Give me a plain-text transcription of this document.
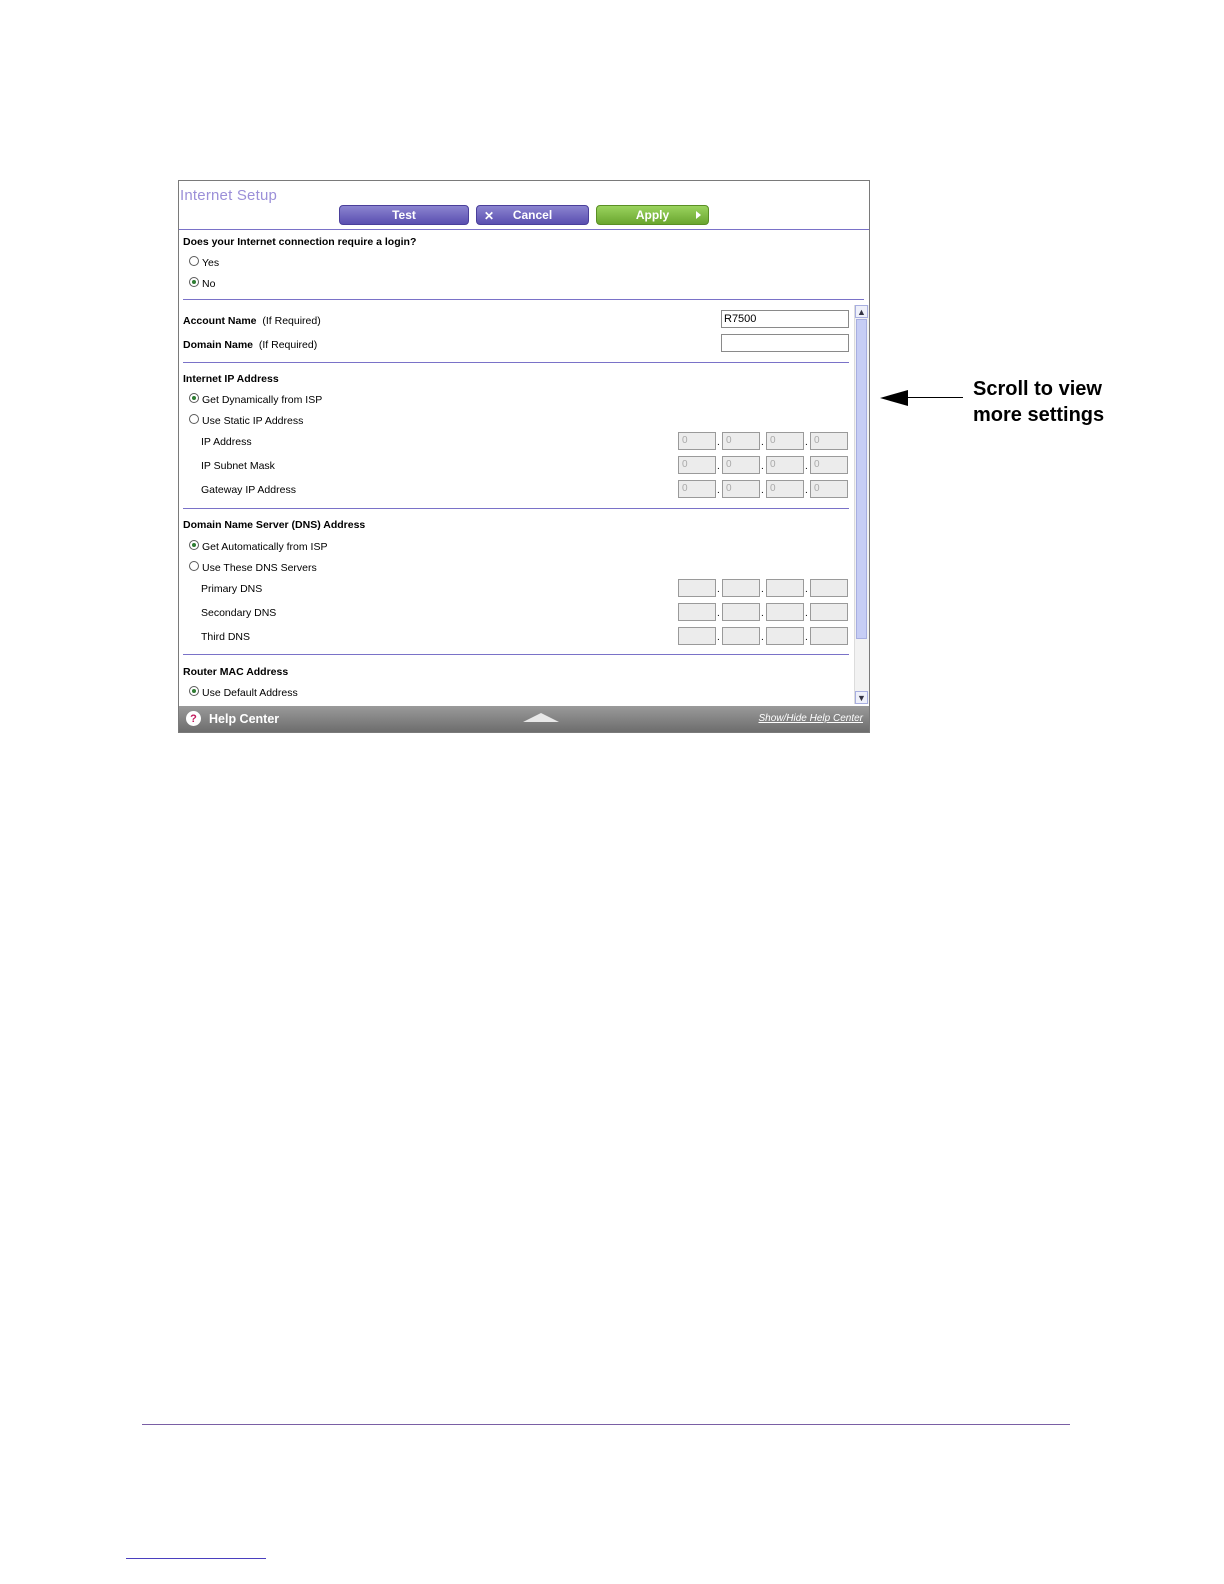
Internet Setup
Test	✕ Cancel	Apply
Does your Internet connection require a login?
Yes
No
Account Name (If Required)
R7500
Domain Name (If Required)
Internet IP Address
Get Dynamically from ISP
Use Static IP Address
IP Address	0	. 0	. 0	. 0
IP Subnet Mask	0	. 0	. 0	. 0
Gateway IP Address	0	. 0	. 0	. 0
Domain Name Server (DNS) Address
Get Automatically from ISP
Use These DNS Servers
Primary DNS	.	.	.
Secondary DNS	.	.	.
Third DNS	.	.	.
Router MAC Address
Use Default Address
▲
▼
? Help Center	Show/Hide Help Center
Scroll to view more settings
